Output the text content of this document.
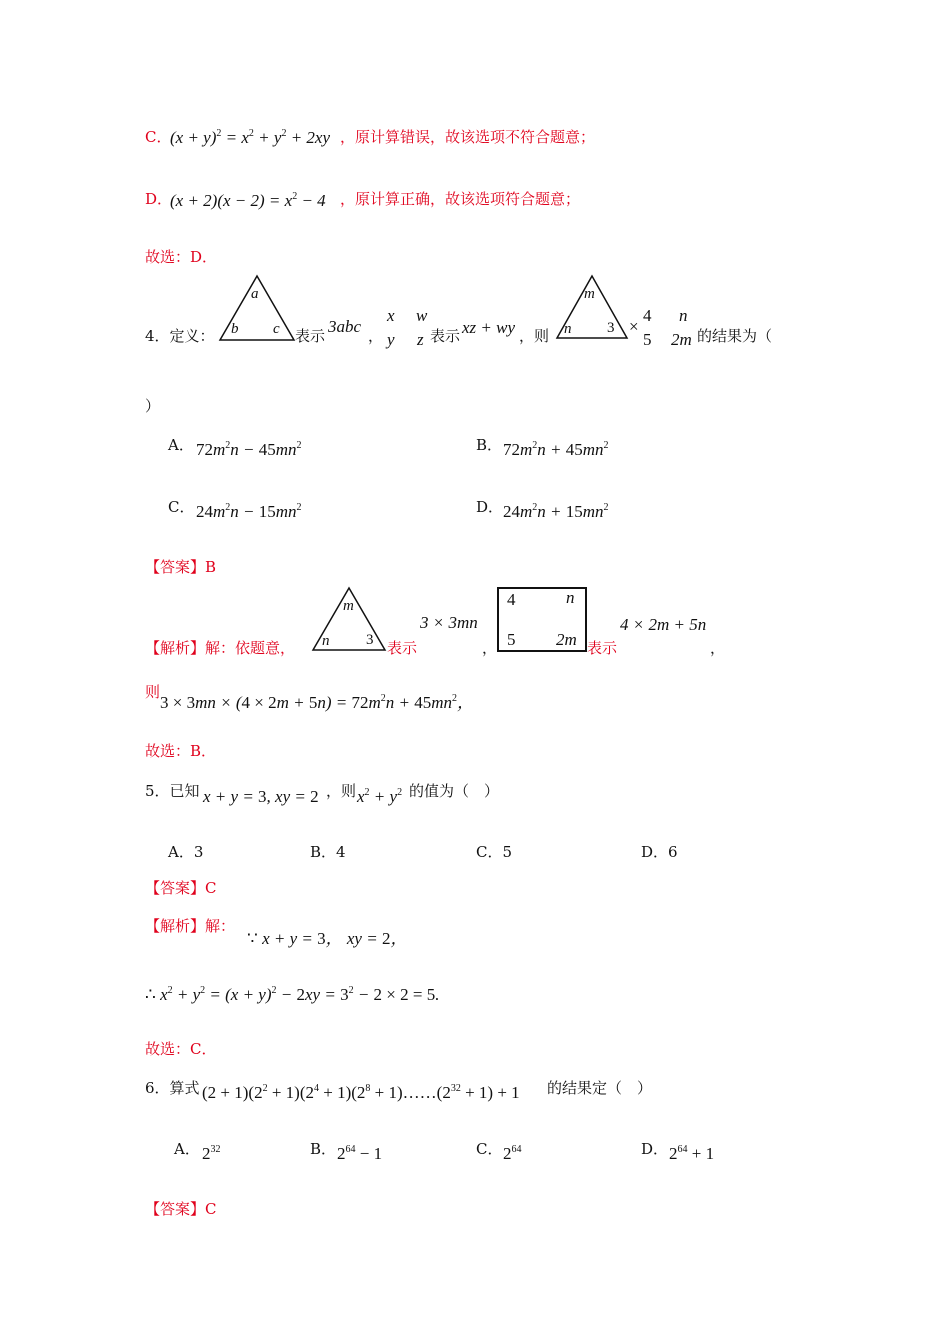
C．
$(x + y)^2 = x^2 + y^2 + 2xy$ ，原计算错误，故该选项不符合题意；
D．
$(x + 2)(x - 2) = x^2 - 4$ ，原计算正确，故该选项符合题意；
故选：D．
4．定义：
a
b c 表示 3abc ，
x w
y z 表示 xz + wy ，则
m
n 3 ×
4 n
5 2m 的结果为（
）
A． $72m^2n - 45mn^2$	B． $72m^2n + 45mn^2$
C． $24m^2n - 15mn^2$	D． $24m^2n + 15mn^2$
【答案】B
【解析】解：依题意，
m
n 3 表示
3 × 3mn
，
4	n
5 2m 表示
4 × 2m + 5n
，
则
$3 \times 3mn \times (4 \times 2m + 5n) = 72m^2n + 45mn^2$，
故选：B．
5．已知 x + y = 3, xy = 2 ，则 $x^2 + y^2$ 的值为（　）
A．3	B．4	C．5	D．6
【答案】C
【解析】解：
∵ x + y = 3， xy = 2，
∴ $x^2 + y^2 = (x + y)^2 - 2xy = 3^2 - 2 \times 2 = 5$.
故选：C．
6．算式 $(2 + 1)(2^2 + 1)(2^4 + 1)(2^8$ + $1)\dots\dots(2^{32} + 1) + 1$ 的结果定（　）
A． $2^{32}$	B． $2^{64} - 1$	C． $2^{64}$	D． $2^{64} + 1$
【答案】C
